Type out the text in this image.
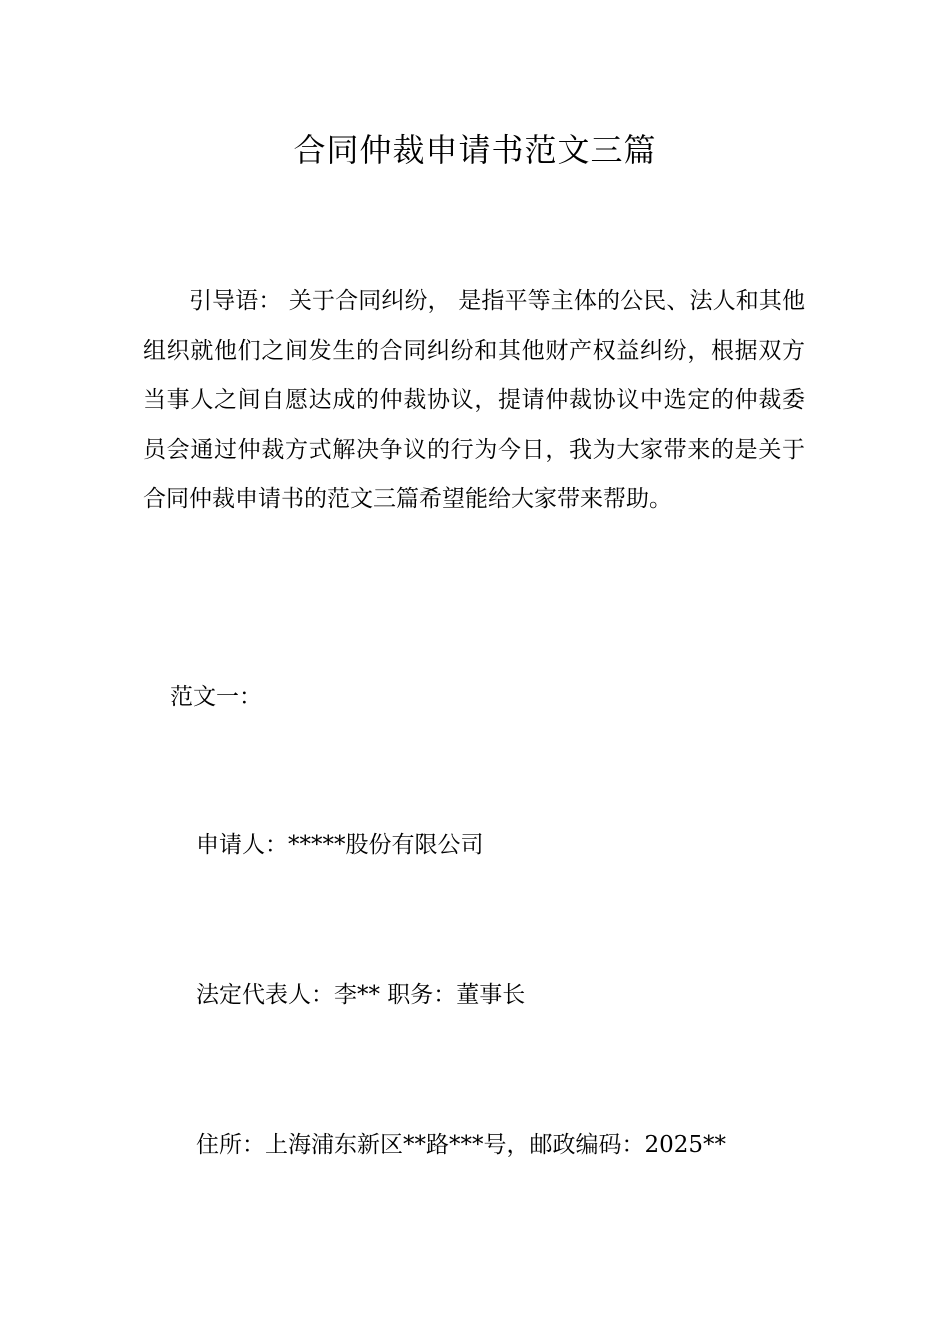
合同仲裁申请书范文三篇

引导语： 关于合同纠纷， 是指平等主体的公民、法人和其他组织就他们之间发生的合同纠纷和其他财产权益纠纷，根据双方当事人之间自愿达成的仲裁协议，提请仲裁协议中选定的仲裁委员会通过仲裁方式解决争议的行为今日，我为大家带来的是关于合同仲裁申请书的范文三篇希望能给大家带来帮助。

范文一：

申请人：*****股份有限公司

法定代表人：李** 职务：董事长

住所：上海浦东新区**路***号，邮政编码：2025**
